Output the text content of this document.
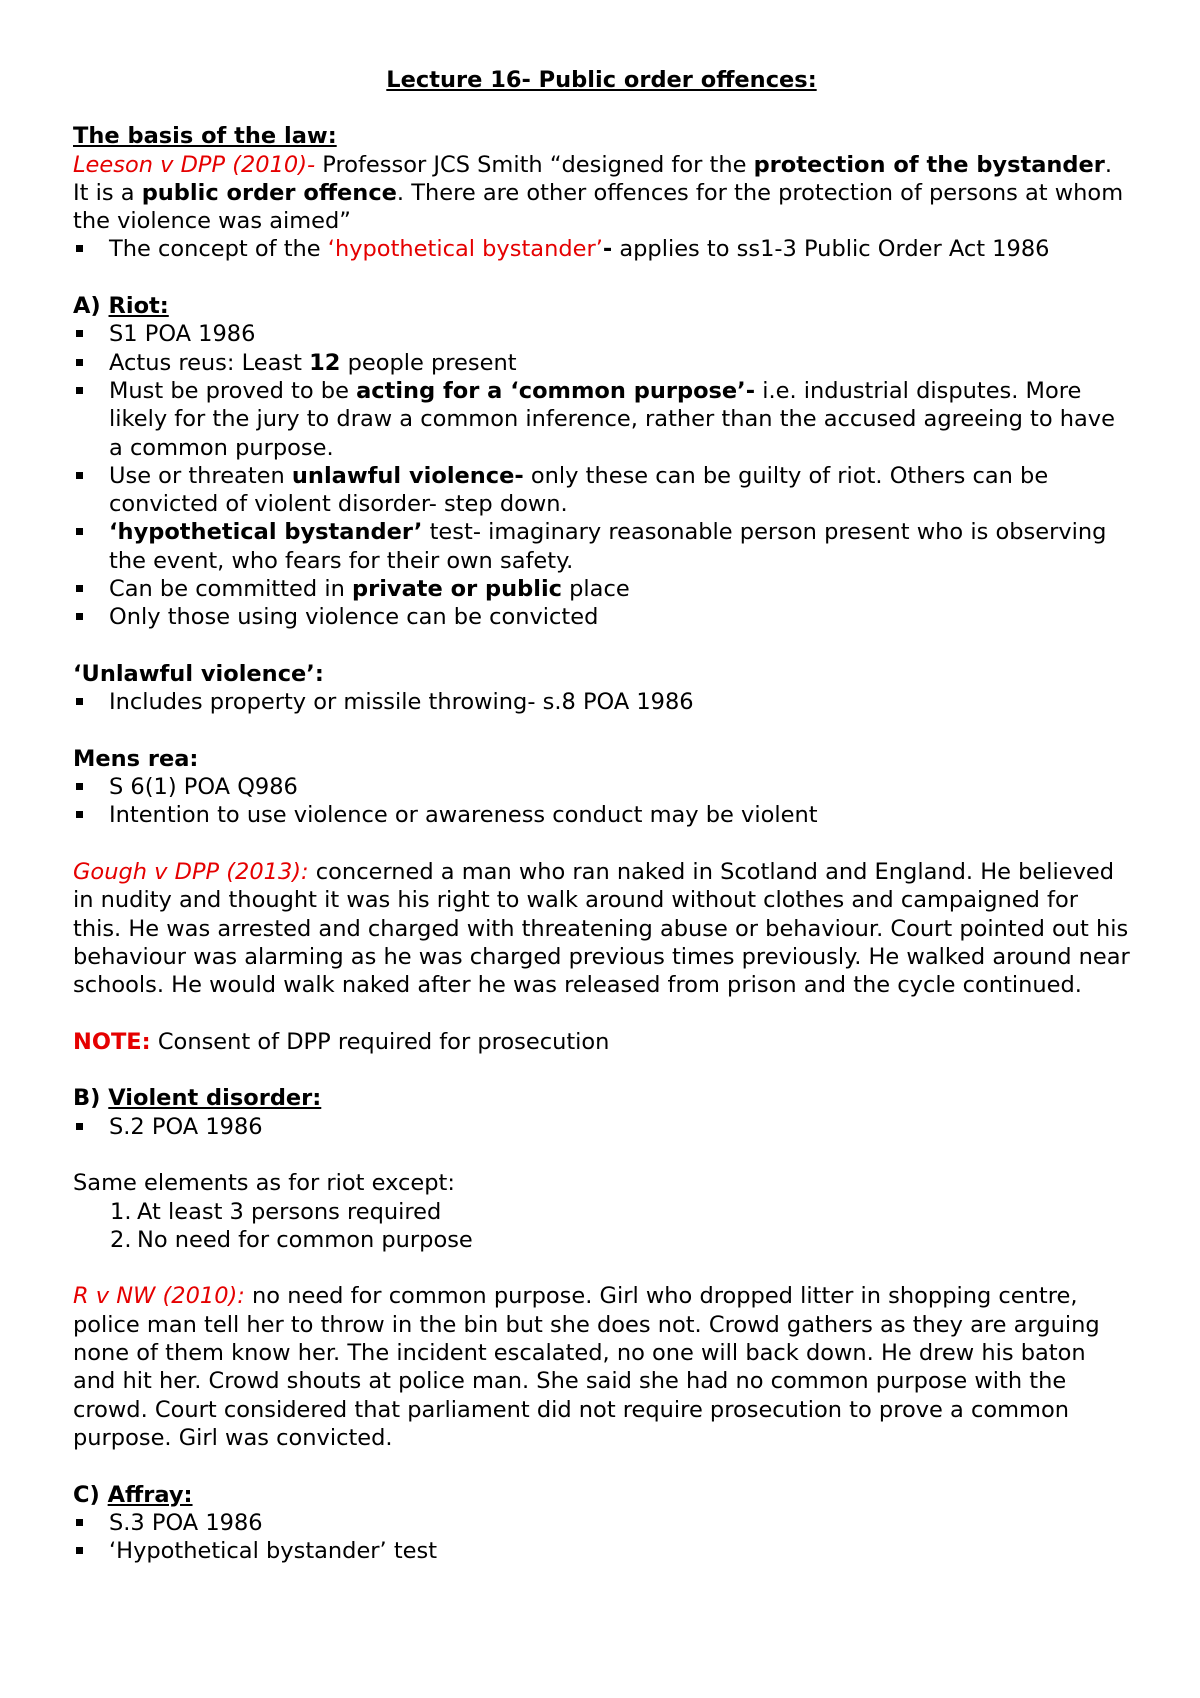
Lecture 16- Public order offences:

The basis of the law:

Leeson v DPP (2010)- Professor JCS Smith “designed for the protection of the bystander. It is a public order offence. There are other offences for the protection of persons at whom the violence was aimed”

The concept of the ‘hypothetical bystander’- applies to ss1-3 Public Order Act 1986

A) Riot:

S1 POA 1986
Actus reus: Least 12 people present
Must be proved to be acting for a ‘common purpose’- i.e. industrial disputes. More likely for the jury to draw a common inference, rather than the accused agreeing to have a common purpose.
Use or threaten unlawful violence- only these can be guilty of riot. Others can be convicted of violent disorder- step down.
‘hypothetical bystander’ test- imaginary reasonable person present who is observing the event, who fears for their own safety.
Can be committed in private or public place
Only those using violence can be convicted

‘Unlawful violence’:

Includes property or missile throwing- s.8 POA 1986

Mens rea:

S 6(1) POA Q986
Intention to use violence or awareness conduct may be violent

Gough v DPP (2013): concerned a man who ran naked in Scotland and England. He believed in nudity and thought it was his right to walk around without clothes and campaigned for this. He was arrested and charged with threatening abuse or behaviour. Court pointed out his behaviour was alarming as he was charged previous times previously. He walked around near schools. He would walk naked after he was released from prison and the cycle continued.

NOTE: Consent of DPP required for prosecution

B) Violent disorder:

S.2 POA 1986

Same elements as for riot except:

1. At least 3 persons required
2. No need for common purpose

R v NW (2010): no need for common purpose. Girl who dropped litter in shopping centre, police man tell her to throw in the bin but she does not. Crowd gathers as they are arguing none of them know her. The incident escalated, no one will back down. He drew his baton and hit her. Crowd shouts at police man. She said she had no common purpose with the crowd. Court considered that parliament did not require prosecution to prove a common purpose. Girl was convicted.

C) Affray:

S.3 POA 1986
‘Hypothetical bystander’ test
